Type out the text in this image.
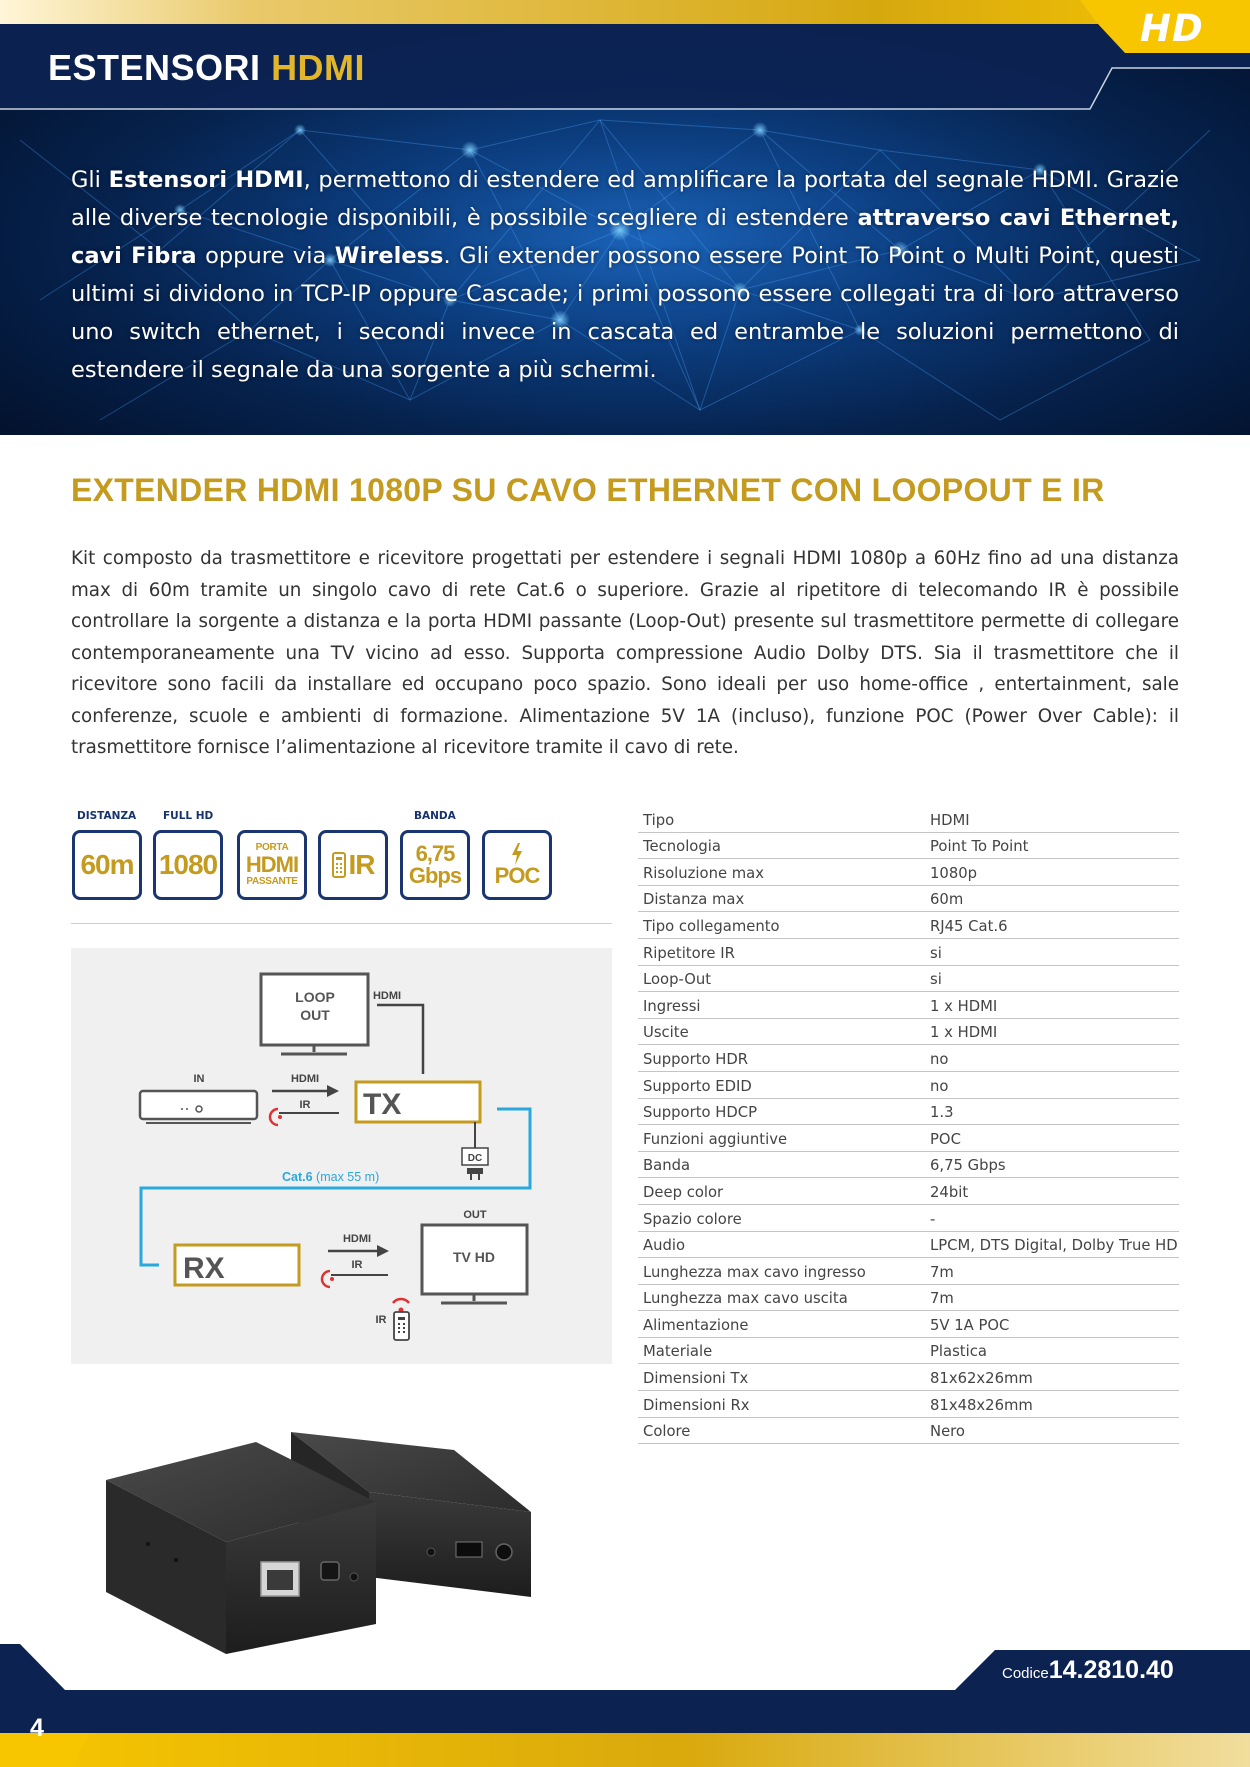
ESTENSORI HDMI
HD

Gli Estensori HDMI, permettono di estendere ed amplificare la portata del segnale HDMI. Grazie alle diverse tecnologie disponibili, è possibile scegliere di estendere attraverso cavi Ethernet, cavi Fibra oppure via Wireless. Gli extender possono essere Point To Point o Multi Point, questi ultimi si dividono in TCP-IP oppure Cascade; i primi possono essere collegati tra di loro attraverso uno switch ethernet, i secondi invece in cascata ed entrambe le soluzioni permettono di estendere il segnale da una sorgente a più schermi.

EXTENDER HDMI 1080P SU CAVO ETHERNET CON LOOPOUT E IR

Kit composto da trasmettitore e ricevitore progettati per estendere i segnali HDMI 1080p a 60Hz fino ad una distanza max di 60m tramite un singolo cavo di rete Cat.6 o superiore. Grazie al ripetitore di telecomando IR è possibile controllare la sorgente a distanza e la porta HDMI passante (Loop-Out) presente sul trasmettitore permette di collegare contemporaneamente una TV vicino ad esso. Supporta compressione Audio Dolby DTS. Sia il trasmettitore che il ricevitore sono facili da installare ed occupano poco spazio. Sono ideali per uso home-office , entertainment, sale conferenze, scuole e ambienti di formazione. Alimentazione 5V 1A (incluso), funzione POC (Power Over Cable): il trasmettitore fornisce l’alimentazione al ricevitore tramite il cavo di rete.

DISTANZA	FULL HD	BANDA
60m 1080
PORTA
HDMI
PASSANTE
IR 6,75
Gbps POC
LOOP
OUT
HDMI
IN	HDMI
IR TX
DC
Cat.6 (max 55 m)
RX
HDMI
IR
OUT
TV HD
IR
Tipo	HDMI
Tecnologia	Point To Point
Risoluzione max	1080p
Distanza max	60m
Tipo collegamento	RJ45 Cat.6
Ripetitore IR	si
Loop-Out	si
Ingressi	1 x HDMI
Uscite	1 x HDMI
Supporto HDR	no
Supporto EDID	no
Supporto HDCP	1.3
Funzioni aggiuntive	POC
Banda	6,75 Gbps
Deep color	24bit
Spazio colore	-
Audio	LPCM, DTS Digital, Dolby True HD
Lunghezza max cavo ingresso	7m
Lunghezza max cavo uscita	7m
Alimentazione	5V 1A POC
Materiale	Plastica
Dimensioni Tx	81x62x26mm
Dimensioni Rx	81x48x26mm
Colore	Nero
Codice14.2810.40
4
